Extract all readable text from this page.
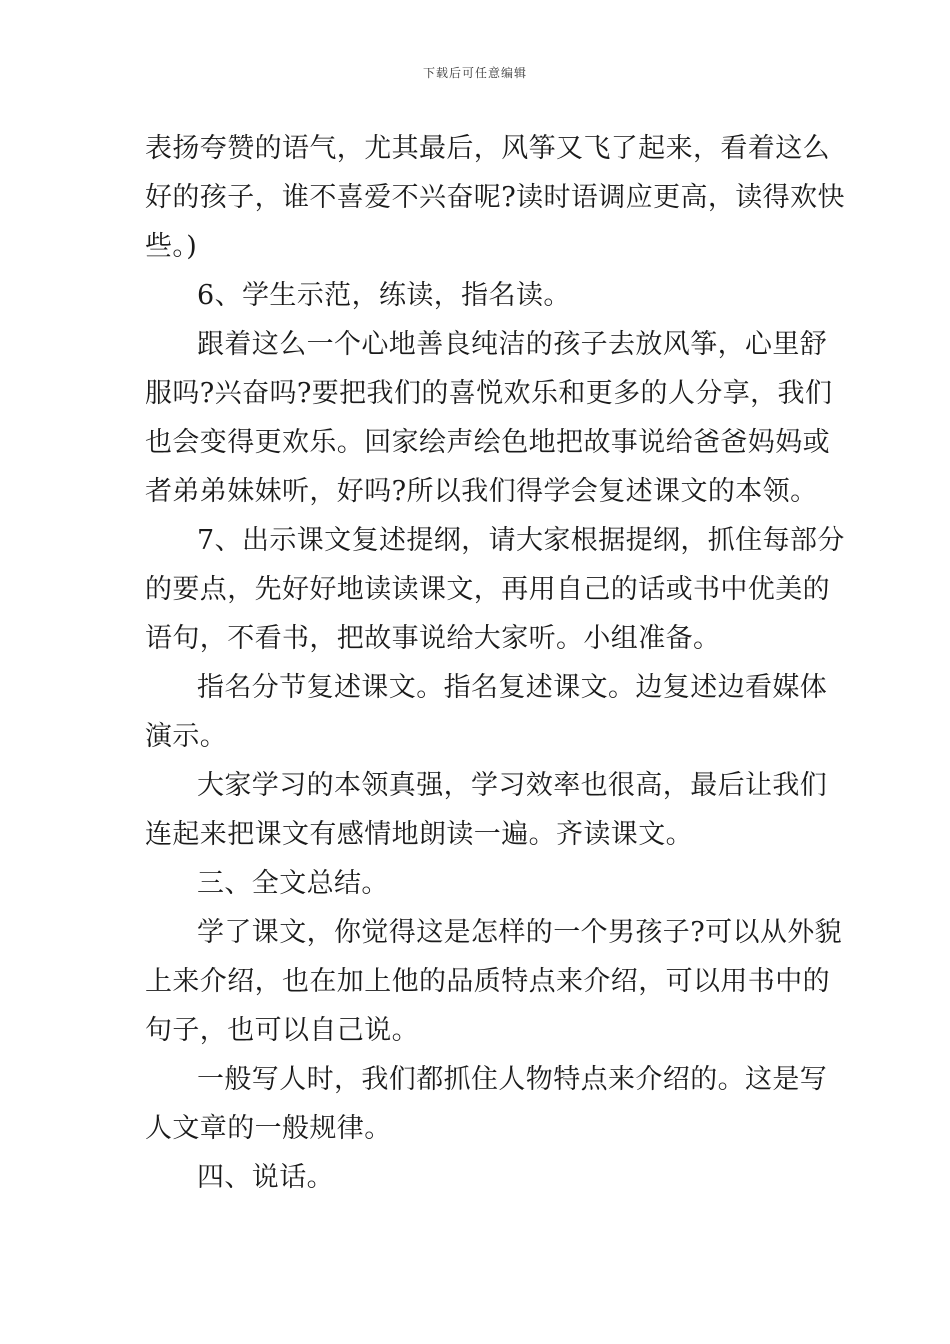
下载后可任意编辑
表扬夸赞的语气，尤其最后，风筝又飞了起来，看着这么
好的孩子，谁不喜爱不兴奋呢?读时语调应更高，读得欢快
些。)
6、学生示范，练读，指名读。
跟着这么一个心地善良纯洁的孩子去放风筝，心里舒
服吗?兴奋吗?要把我们的喜悦欢乐和更多的人分享，我们
也会变得更欢乐。回家绘声绘色地把故事说给爸爸妈妈或
者弟弟妹妹听，好吗?所以我们得学会复述课文的本领。
7、出示课文复述提纲，请大家根据提纲，抓住每部分
的要点，先好好地读读课文，再用自己的话或书中优美的
语句，不看书，把故事说给大家听。小组准备。
指名分节复述课文。指名复述课文。边复述边看媒体
演示。
大家学习的本领真强，学习效率也很高，最后让我们
连起来把课文有感情地朗读一遍。齐读课文。
三、全文总结。
学了课文，你觉得这是怎样的一个男孩子?可以从外貌
上来介绍，也在加上他的品质特点来介绍，可以用书中的
句子，也可以自己说。
一般写人时，我们都抓住人物特点来介绍的。这是写
人文章的一般规律。
四、说话。
